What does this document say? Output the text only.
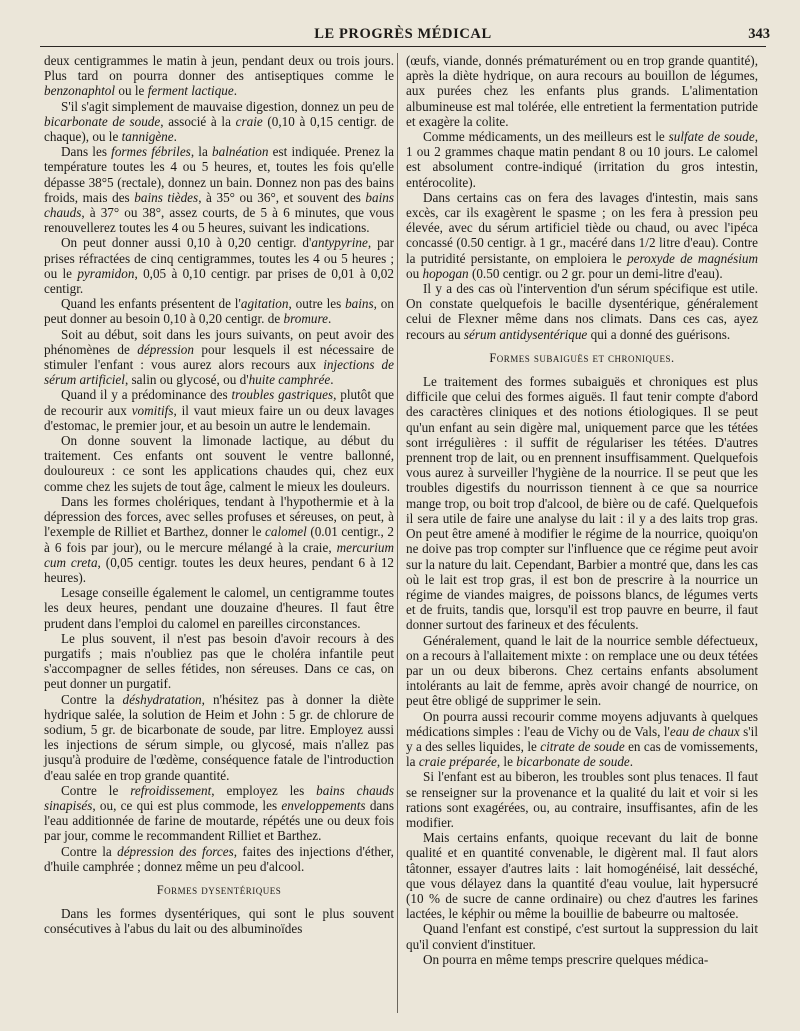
LE PROGRÈS MÉDICAL	343

deux centigrammes le matin à jeun, pendant deux ou trois jours. Plus tard on pourra donner des antiseptiques comme le benzonaphtol ou le ferment lactique.

S'il s'agit simplement de mauvaise digestion, donnez un peu de bicarbonate de soude, associé à la craie (0,10 à 0,15 centigr. de chaque), ou le tannigène.

Dans les formes fébriles, la balnéation est indiquée. Prenez la température toutes les 4 ou 5 heures, et, toutes les fois qu'elle dépasse 38°5 (rectale), donnez un bain. Donnez non pas des bains froids, mais des bains tièdes, à 35° ou 36°, et souvent des bains chauds, à 37° ou 38°, assez courts, de 5 à 6 minutes, que vous renouvellerez toutes les 4 ou 5 heures, suivant les indications.

On peut donner aussi 0,10 à 0,20 centigr. d'antypyrine, par prises réfractées de cinq centigrammes, toutes les 4 ou 5 heures ; ou le pyramidon, 0,05 à 0,10 centigr. par prises de 0,01 à 0,02 centigr.

Quand les enfants présentent de l'agitation, outre les bains, on peut donner au besoin 0,10 à 0,20 centigr. de bromure.

Soit au début, soit dans les jours suivants, on peut avoir des phénomènes de dépression pour lesquels il est nécessaire de stimuler l'enfant : vous aurez alors recours aux injections de sérum artificiel, salin ou glycosé, ou d'huite camphrée.

Quand il y a prédominance des troubles gastriques, plutôt que de recourir aux vomitifs, il vaut mieux faire un ou deux lavages d'estomac, le premier jour, et au besoin un autre le lendemain.

On donne souvent la limonade lactique, au début du traitement. Ces enfants ont souvent le ventre ballonné, douloureux : ce sont les applications chaudes qui, chez eux comme chez les sujets de tout âge, calment le mieux les douleurs.

Dans les formes cholériques, tendant à l'hypothermie et à la dépression des forces, avec selles profuses et séreuses, on peut, à l'exemple de Rilliet et Barthez, donner le calomel (0.01 centigr., 2 à 6 fois par jour), ou le mercure mélangé à la craie, mercurium cum creta, (0,05 centigr. toutes les deux heures, pendant 6 à 12 heures).

Lesage conseille également le calomel, un centigramme toutes les deux heures, pendant une douzaine d'heures. Il faut être prudent dans l'emploi du calomel en pareilles circonstances.

Le plus souvent, il n'est pas besoin d'avoir recours à des purgatifs ; mais n'oubliez pas que le choléra infantile peut s'accompagner de selles fétides, non séreuses. Dans ce cas, on peut donner un purgatif.

Contre la déshydratation, n'hésitez pas à donner la diète hydrique salée, la solution de Heim et John : 5 gr. de chlorure de sodium, 5 gr. de bicarbonate de soude, par litre. Employez aussi les injections de sérum simple, ou glycosé, mais n'allez pas jusqu'à produire de l'œdème, conséquence fatale de l'introduction d'eau salée en trop grande quantité.

Contre le refroidissement, employez les bains chauds sinapisés, ou, ce qui est plus commode, les enveloppements dans l'eau additionnée de farine de moutarde, répétés une ou deux fois par jour, comme le recommandent Rilliet et Barthez.

Contre la dépression des forces, faites des injections d'éther, d'huile camphrée ; donnez même un peu d'alcool.

Formes dysentériques

Dans les formes dysentériques, qui sont le plus souvent consécutives à l'abus du lait ou des albuminoïdes

(œufs, viande, donnés prématurément ou en trop grande quantité), après la diète hydrique, on aura recours au bouillon de légumes, aux purées chez les enfants plus grands. L'alimentation albumineuse est mal tolérée, elle entretient la fermentation putride et exagère la colite.

Comme médicaments, un des meilleurs est le sulfate de soude, 1 ou 2 grammes chaque matin pendant 8 ou 10 jours. Le calomel est absolument contre-indiqué (irritation du gros intestin, entérocolite).

Dans certains cas on fera des lavages d'intestin, mais sans excès, car ils exagèrent le spasme ; on les fera à pression peu élevée, avec du sérum artificiel tiède ou chaud, ou avec l'ipéca concassé (0.50 centigr. à 1 gr., macéré dans 1/2 litre d'eau). Contre la putridité persistante, on emploiera le peroxyde de magnésium ou hopogan (0.50 centigr. ou 2 gr. pour un demi-litre d'eau).

Il y a des cas où l'intervention d'un sérum spécifique est utile. On constate quelquefois le bacille dysentérique, généralement celui de Flexner même dans nos climats. Dans ces cas, ayez recours au sérum antidysentérique qui a donné des guérisons.

Formes subaiguës et chroniques.

Le traitement des formes subaiguës et chroniques est plus difficile que celui des formes aiguës. Il faut tenir compte d'abord des caractères cliniques et des notions étiologiques. Il se peut qu'un enfant au sein digère mal, uniquement parce que les tétées sont irrégulières : il suffit de régulariser les tétées. D'autres prennent trop de lait, ou en prennent insuffisamment. Quelquefois vous aurez à surveiller l'hygiène de la nourrice. Il se peut que les troubles digestifs du nourrisson tiennent à ce que sa nourrice mange trop, ou boit trop d'alcool, de bière ou de café. Quelquefois il sera utile de faire une analyse du lait : il y a des laits trop gras. On peut être amené à modifier le régime de la nourrice, quoiqu'on ne doive pas trop compter sur l'influence que ce régime peut avoir sur la nature du lait. Cependant, Barbier a montré que, dans les cas où le lait est trop gras, il est bon de prescrire à la nourrice un régime de viandes maigres, de poissons blancs, de légumes verts et de fruits, tandis que, lorsqu'il est trop pauvre en beurre, il faut donner surtout des farineux et des féculents.

Généralement, quand le lait de la nourrice semble défectueux, on a recours à l'allaitement mixte : on remplace une ou deux tétées par un ou deux biberons. Chez certains enfants absolument intolérants au lait de femme, après avoir changé de nourrice, on peut être obligé de supprimer le sein.

On pourra aussi recourir comme moyens adjuvants à quelques médications simples : l'eau de Vichy ou de Vals, l'eau de chaux s'il y a des selles liquides, le citrate de soude en cas de vomissements, la craie préparée, le bicarbonate de soude.

Si l'enfant est au biberon, les troubles sont plus tenaces. Il faut se renseigner sur la provenance et la qualité du lait et voir si les rations sont exagérées, ou, au contraire, insuffisantes, afin de les modifier.

Mais certains enfants, quoique recevant du lait de bonne qualité et en quantité convenable, le digèrent mal. Il faut alors tâtonner, essayer d'autres laits : lait homogénéisé, lait desséché, que vous délayez dans la quantité d'eau voulue, lait hypersucré (10 % de sucre de canne ordinaire) ou chez d'autres les farines lactées, le képhir ou même la bouillie de babeurre ou maltosée.

Quand l'enfant est constipé, c'est surtout la suppression du lait qu'il convient d'instituer.

On pourra en même temps prescrire quelques médica-
